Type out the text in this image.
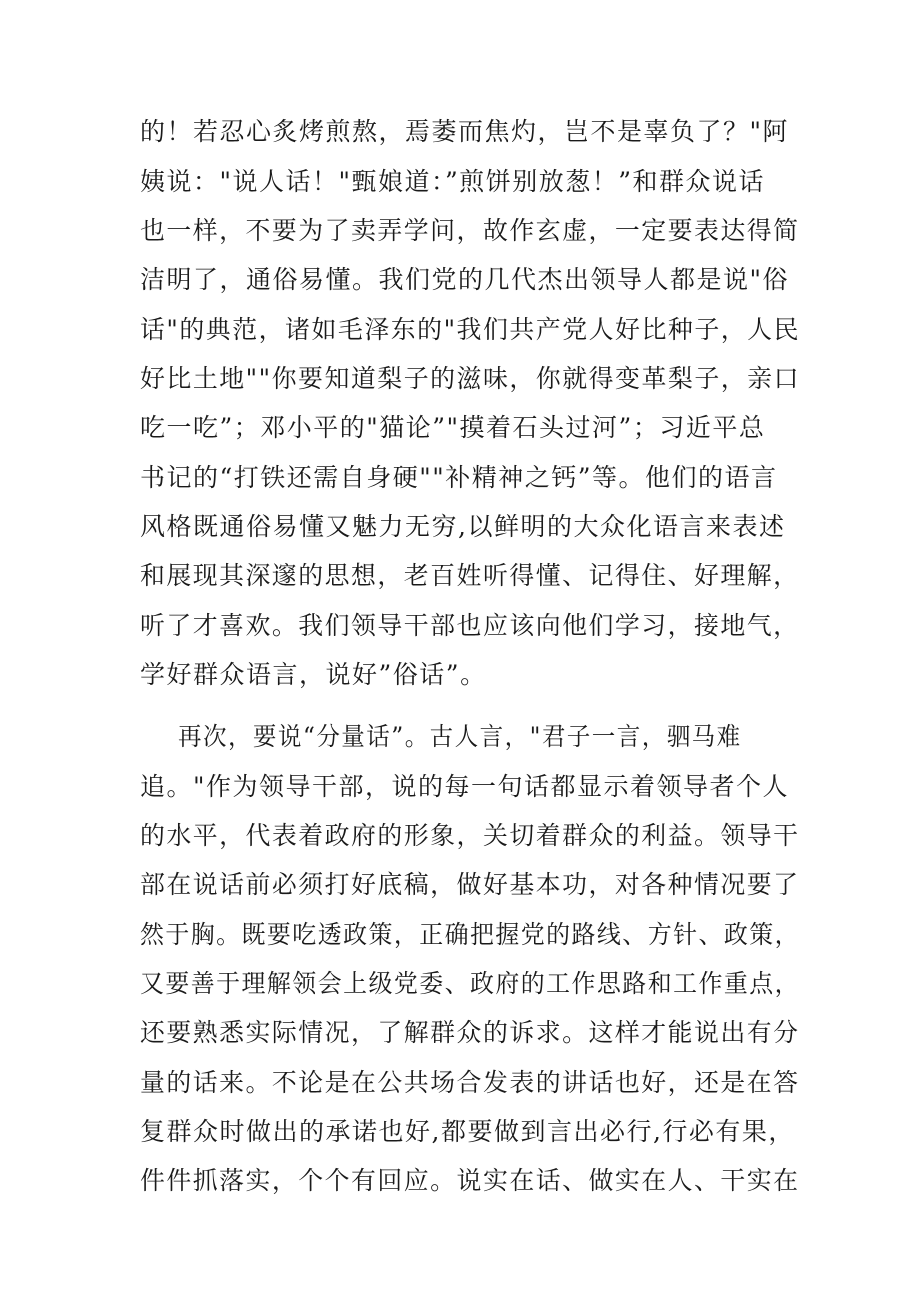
的！若忍心炙烤煎熬，焉萎而焦灼，岂不是辜负了？"阿
姨说："说人话！"甄娘道：”煎饼别放葱！”和群众说话
也一样，不要为了卖弄学问，故作玄虚，一定要表达得简
洁明了，通俗易懂。我们党的几代杰出领导人都是说"俗
话"的典范，诸如毛泽东的"我们共产党人好比种子，人民
好比土地""你要知道梨子的滋味，你就得变革梨子，亲口
吃一吃”；邓小平的"猫论”"摸着石头过河”；习近平总
书记的“打铁还需自身硬""补精神之钙”等。他们的语言
风格既通俗易懂又魅力无穷,以鲜明的大众化语言来表述
和展现其深邃的思想，老百姓听得懂、记得住、好理解，
听了才喜欢。我们领导干部也应该向他们学习，接地气，
学好群众语言，说好”俗话”。
再次，要说“分量话”。古人言，"君子一言，驷马难
追。"作为领导干部，说的每一句话都显示着领导者个人
的水平，代表着政府的形象，关切着群众的利益。领导干
部在说话前必须打好底稿，做好基本功，对各种情况要了
然于胸。既要吃透政策，正确把握党的路线、方针、政策，
又要善于理解领会上级党委、政府的工作思路和工作重点，
还要熟悉实际情况，了解群众的诉求。这样才能说出有分
量的话来。不论是在公共场合发表的讲话也好，还是在答
复群众时做出的承诺也好,都要做到言出必行,行必有果，
件件抓落实，个个有回应。说实在话、做实在人、干实在
